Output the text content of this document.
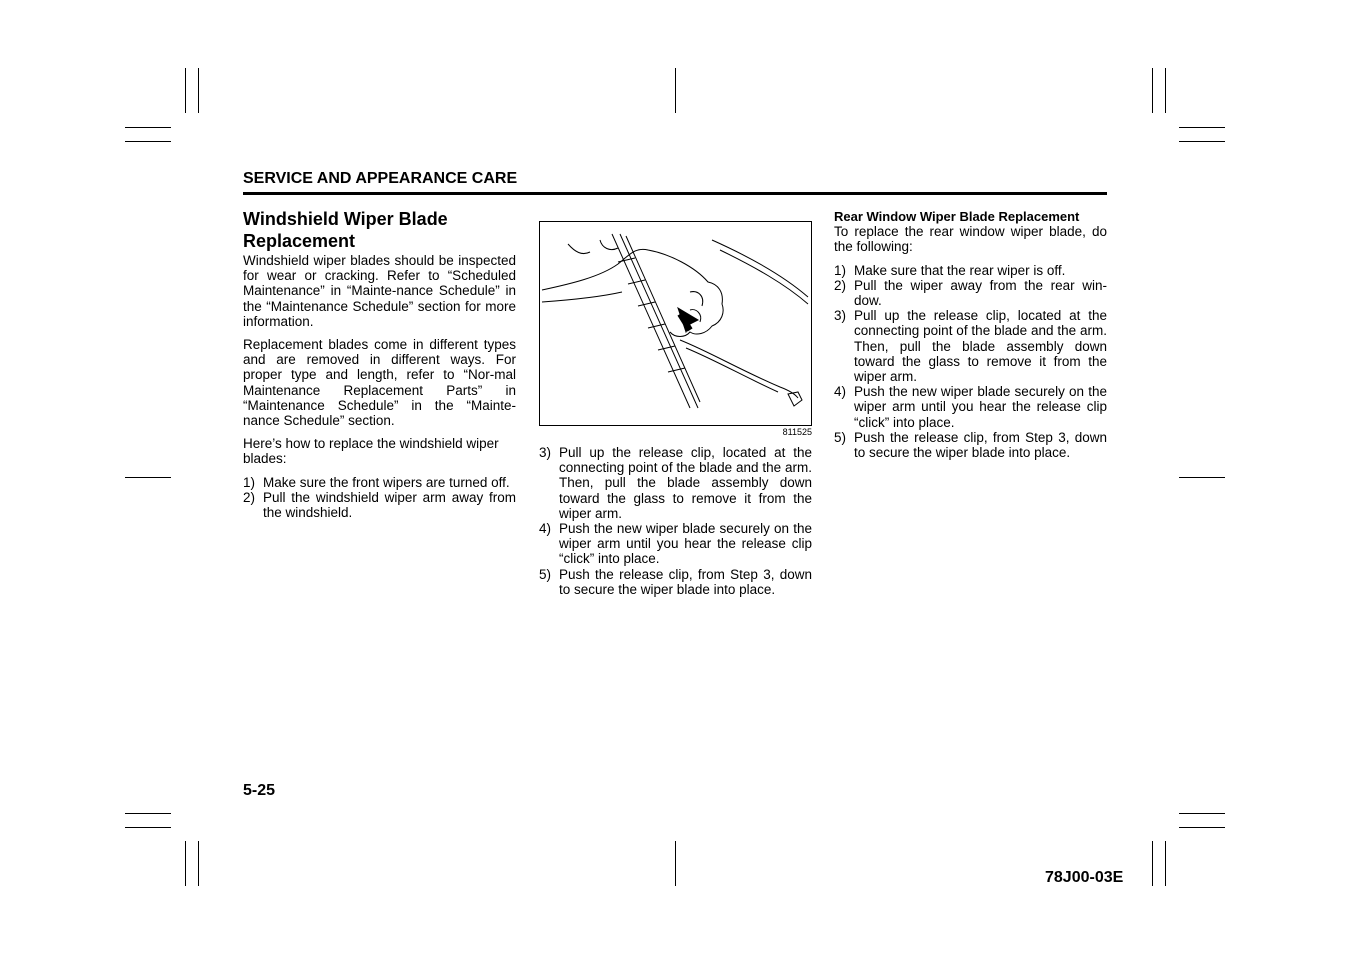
SERVICE AND APPEARANCE CARE
Windshield Wiper Blade Replacement

Windshield wiper blades should be inspected for wear or cracking. Refer to “Scheduled Maintenance” in “Mainte-nance Schedule” in the “Maintenance Schedule” section for more information.

Replacement blades come in different types and are removed in different ways. For proper type and length, refer to “Nor-mal Maintenance Replacement Parts” in “Maintenance Schedule” in the “Mainte-nance Schedule” section.

Here’s how to replace the windshield wiper blades:

1) Make sure the front wipers are turned off.
2) Pull the windshield wiper arm away from the windshield.
811525
3) Pull up the release clip, located at the connecting point of the blade and the arm. Then, pull the blade assembly down toward the glass to remove it from the wiper arm.
4) Push the new wiper blade securely on the wiper arm until you hear the release clip “click” into place.
5) Push the release clip, from Step 3, down to secure the wiper blade into place.
Rear Window Wiper Blade Replacement

To replace the rear window wiper blade, do the following:

1) Make sure that the rear wiper is off.
2) Pull the wiper away from the rear win-dow.
3) Pull up the release clip, located at the connecting point of the blade and the arm. Then, pull the blade assembly down toward the glass to remove it from the wiper arm.
4) Push the new wiper blade securely on the wiper arm until you hear the release clip “click” into place.
5) Push the release clip, from Step 3, down to secure the wiper blade into place.
5-25
78J00-03E
